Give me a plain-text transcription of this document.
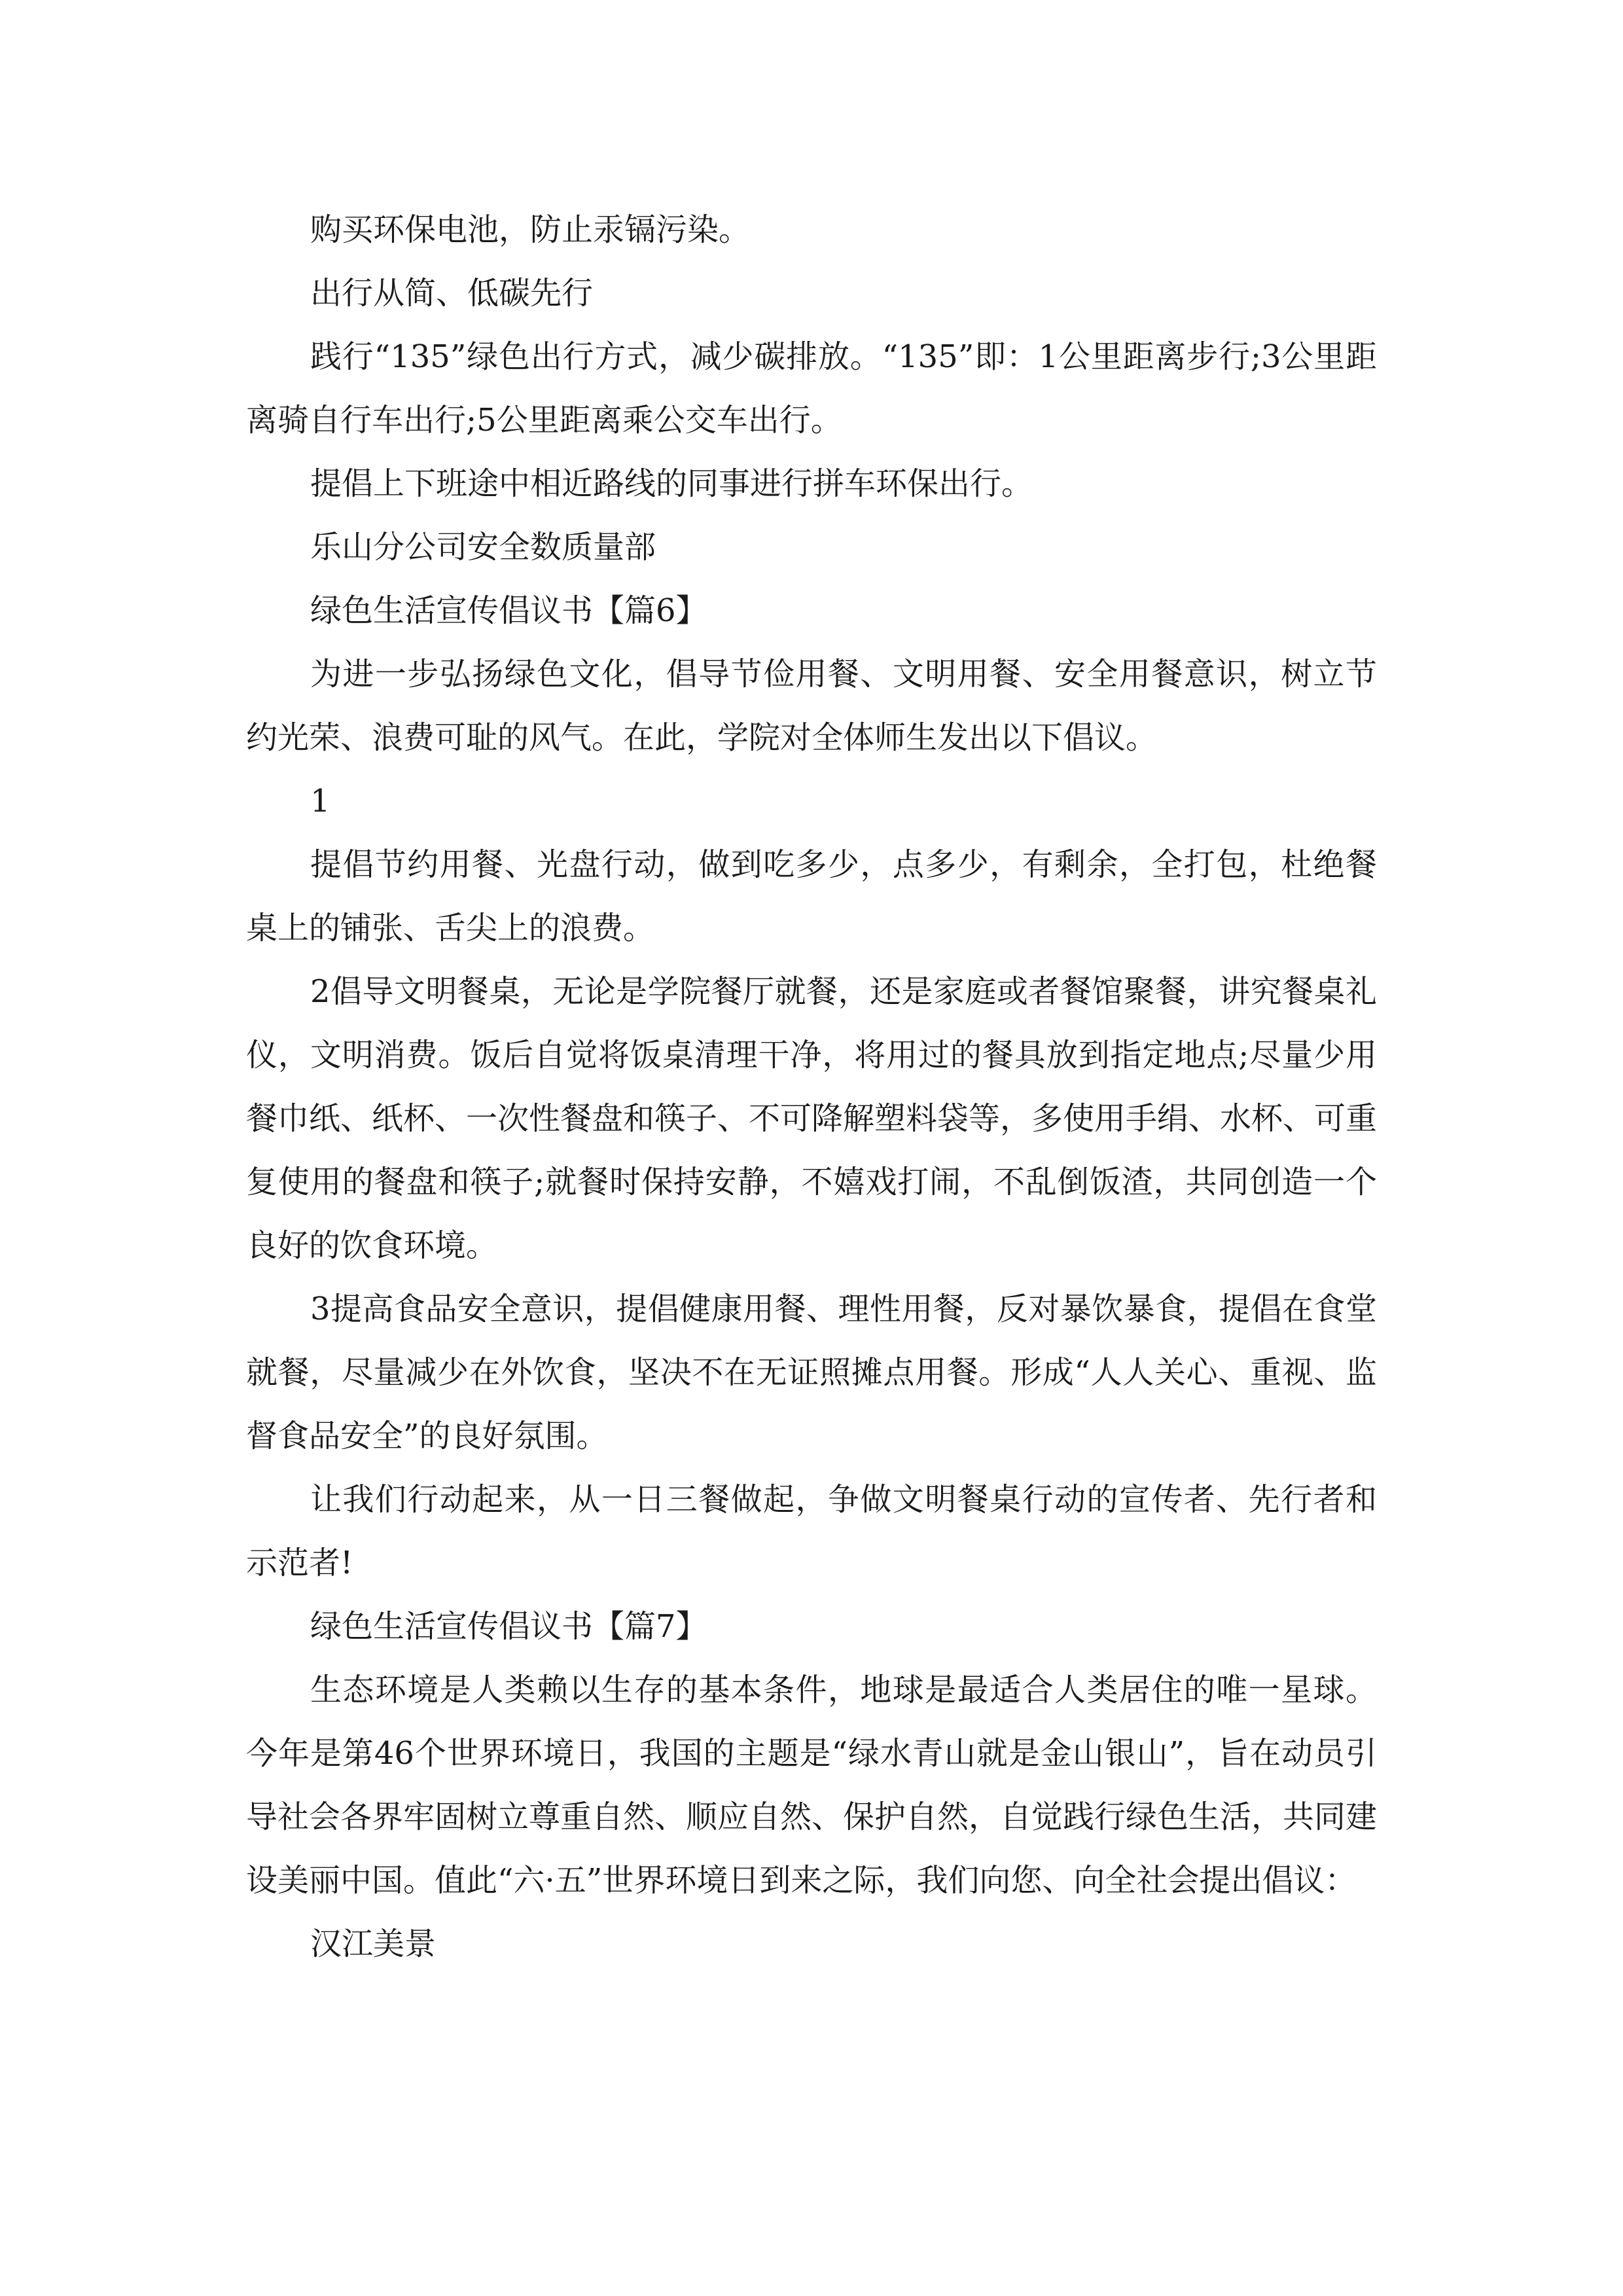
购买环保电池，防止汞镉污染。

出行从简、低碳先行

践行“135”绿色出行方式，减少碳排放。“135”即：1公里距离步行;3公里距离骑自行车出行;5公里距离乘公交车出行。

提倡上下班途中相近路线的同事进行拼车环保出行。

乐山分公司安全数质量部

绿色生活宣传倡议书【篇6】

为进一步弘扬绿色文化，倡导节俭用餐、文明用餐、安全用餐意识，树立节约光荣、浪费可耻的风气。在此，学院对全体师生发出以下倡议。

1

提倡节约用餐、光盘行动，做到吃多少，点多少，有剩余，全打包，杜绝餐桌上的铺张、舌尖上的浪费。

2倡导文明餐桌，无论是学院餐厅就餐，还是家庭或者餐馆聚餐，讲究餐桌礼仪，文明消费。饭后自觉将饭桌清理干净，将用过的餐具放到指定地点;尽量少用餐巾纸、纸杯、一次性餐盘和筷子、不可降解塑料袋等，多使用手绢、水杯、可重复使用的餐盘和筷子;就餐时保持安静，不嬉戏打闹，不乱倒饭渣，共同创造一个良好的饮食环境。

3提高食品安全意识，提倡健康用餐、理性用餐，反对暴饮暴食，提倡在食堂就餐，尽量减少在外饮食，坚决不在无证照摊点用餐。形成“人人关心、重视、监督食品安全”的良好氛围。

让我们行动起来，从一日三餐做起，争做文明餐桌行动的宣传者、先行者和示范者!

绿色生活宣传倡议书【篇7】

生态环境是人类赖以生存的基本条件，地球是最适合人类居住的唯一星球。今年是第46个世界环境日，我国的主题是“绿水青山就是金山银山”，旨在动员引导社会各界牢固树立尊重自然、顺应自然、保护自然，自觉践行绿色生活，共同建设美丽中国。值此“六·五”世界环境日到来之际，我们向您、向全社会提出倡议：

汉江美景
